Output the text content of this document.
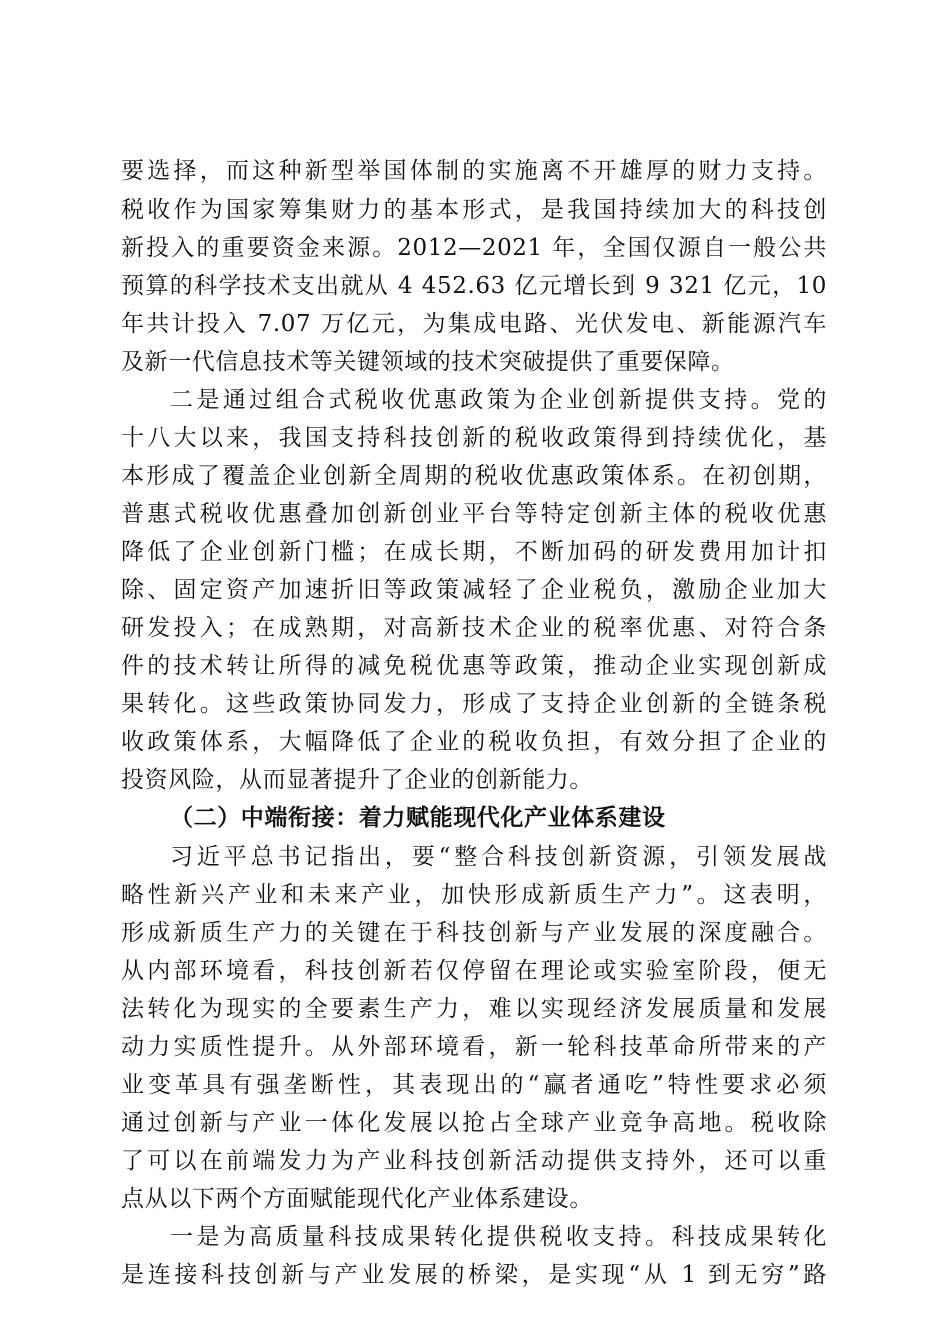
要选择，而这种新型举国体制的实施离不开雄厚的财力支持。
税收作为国家筹集财力的基本形式，是我国持续加大的科技创
新投入的重要资金来源。2012—2021 年，全国仅源自一般公共
预算的科学技术支出就从 4 452.63 亿元增长到 9 321 亿元，10
年共计投入 7.07 万亿元，为集成电路、光伏发电、新能源汽车
及新一代信息技术等关键领域的技术突破提供了重要保障。
二是通过组合式税收优惠政策为企业创新提供支持。党的
十八大以来，我国支持科技创新的税收政策得到持续优化，基
本形成了覆盖企业创新全周期的税收优惠政策体系。在初创期，
普惠式税收优惠叠加创新创业平台等特定创新主体的税收优惠
降低了企业创新门槛；在成长期，不断加码的研发费用加计扣
除、固定资产加速折旧等政策减轻了企业税负，激励企业加大
研发投入；在成熟期，对高新技术企业的税率优惠、对符合条
件的技术转让所得的减免税优惠等政策，推动企业实现创新成
果转化。这些政策协同发力，形成了支持企业创新的全链条税
收政策体系，大幅降低了企业的税收负担，有效分担了企业的
投资风险，从而显著提升了企业的创新能力。
（二）中端衔接：着力赋能现代化产业体系建设
习近平总书记指出，要“整合科技创新资源，引领发展战
略性新兴产业和未来产业，加快形成新质生产力”。这表明，
形成新质生产力的关键在于科技创新与产业发展的深度融合。
从内部环境看，科技创新若仅停留在理论或实验室阶段，便无
法转化为现实的全要素生产力，难以实现经济发展质量和发展
动力实质性提升。从外部环境看，新一轮科技革命所带来的产
业变革具有强垄断性，其表现出的“赢者通吃”特性要求必须
通过创新与产业一体化发展以抢占全球产业竞争高地。税收除
了可以在前端发力为产业科技创新活动提供支持外，还可以重
点从以下两个方面赋能现代化产业体系建设。
一是为高质量科技成果转化提供税收支持。科技成果转化
是连接科技创新与产业发展的桥梁，是实现“从 1 到无穷”路
